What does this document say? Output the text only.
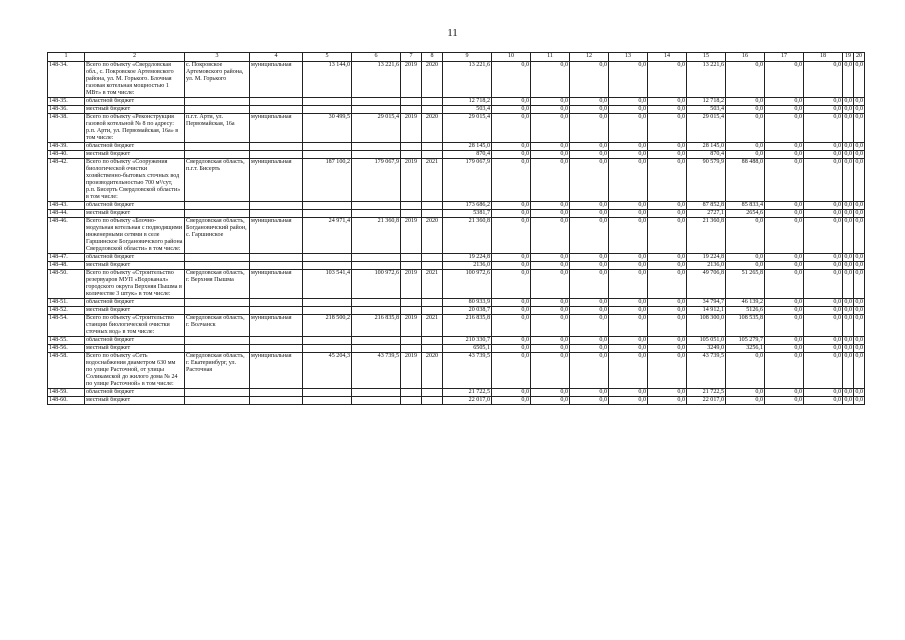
11
1	2	3	4	5	6	7	8	9	10	11	12	13	14	15	16	17	18	19	20
148-34.	Всего по объекту «Свердловская обл., с. Покровское Артемовского района, ул. М. Горького. Блочная газовая котельная мощностью 1 МВт» в том числе:	с. Покровское Артемовского района, ул. М. Горького	муниципальная	13 144,0	13 221,6	2019	2020	13 221,6	0,0	0,0	0,0	0,0	0,0	13 221,6	0,0	0,0	0,0	0,0	0,0
148-35.	областной бюджет							12 718,2	0,0	0,0	0,0	0,0	0,0	12 718,2	0,0	0,0	0,0	0,0	0,0
148-36.	местный бюджет							503,4	0,0	0,0	0,0	0,0	0,0	503,4	0,0	0,0	0,0	0,0	0,0
148-38.	Всего по объекту «Реконструкция газовой котельной № 8 по адресу: р.п. Арти, ул. Первомайская, 16а» в том числе:	п.г.т. Арти, ул. Первомайская, 16а	муниципальная	30 499,5	29 015,4	2019	2020	29 015,4	0,0	0,0	0,0	0,0	0,0	29 015,4	0,0	0,0	0,0	0,0	0,0
148-39.	областной бюджет							28 145,0	0,0	0,0	0,0	0,0	0,0	28 145,0	0,0	0,0	0,0	0,0	0,0
148-40.	местный бюджет							870,4	0,0	0,0	0,0	0,0	0,0	870,4	0,0	0,0	0,0	0,0	0,0
148-42.	Всего по объекту «Сооружения биологической очистки хозяйственно-бытовых сточных вод производительностью 700 м³/сут, р.п. Бисерть Свердловской области» в том числе:	Свердловская область, п.г.т. Бисерть	муниципальная	187 100,2	179 067,9	2019	2021	179 067,9	0,0	0,0	0,0	0,0	0,0	90 579,9	88 488,0	0,0	0,0	0,0	0,0
148-43.	областной бюджет							173 686,2	0,0	0,0	0,0	0,0	0,0	87 852,8	85 833,4	0,0	0,0	0,0	0,0
148-44.	местный бюджет							5381,7	0,0	0,0	0,0	0,0	0,0	2727,1	2654,6	0,0	0,0	0,0	0,0
148-46.	Всего по объекту «Блочно-модульная котельная с подводящими инженерными сетями в селе Гаршинское Богдановичского района Свердловской области» в том числе:	Свердловская область, Богдановичский район, с. Гаршинское	муниципальная	24 971,4	21 360,8	2019	2020	21 360,8	0,0	0,0	0,0	0,0	0,0	21 360,8	0,0	0,0	0,0	0,0	0,0
148-47.	областной бюджет							19 224,8	0,0	0,0	0,0	0,0	0,0	19 224,8	0,0	0,0	0,0	0,0	0,0
148-48.	местный бюджет							2136,0	0,0	0,0	0,0	0,0	0,0	2136,0	0,0	0,0	0,0	0,0	0,0
148-50.	Всего по объекту «Строительство резервуаров МУП «Водоканал» городского округа Верхняя Пышма в количестве 3 штук» в том числе:	Свердловская область, г. Верхняя Пышма	муниципальная	103 541,4	100 972,6	2019	2021	100 972,6	0,0	0,0	0,0	0,0	0,0	49 706,8	51 265,8	0,0	0,0	0,0	0,0
148-51.	областной бюджет							80 933,9	0,0	0,0	0,0	0,0	0,0	34 794,7	46 139,2	0,0	0,0	0,0	0,0
148-52.	местный бюджет							20 038,7	0,0	0,0	0,0	0,0	0,0	14 912,1	5126,6	0,0	0,0	0,0	0,0
148-54.	Всего по объекту «Строительство станции биологической очистки сточных вод» в том числе:	Свердловская область, г. Волчанск	муниципальная	218 500,2	216 835,8	2019	2021	216 835,8	0,0	0,0	0,0	0,0	0,0	108 300,0	108 535,8	0,0	0,0	0,0	0,0
148-55.	областной бюджет							210 330,7	0,0	0,0	0,0	0,0	0,0	105 051,0	105 279,7	0,0	0,0	0,0	0,0
148-56.	местный бюджет							6505,1	0,0	0,0	0,0	0,0	0,0	3249,0	3256,1	0,0	0,0	0,0	0,0
148-58.	Всего по объекту «Сеть водоснабжения диаметром 630 мм по улице Расточной, от улицы Соликамской до жилого дома № 24 по улице Расточной» в том числе:	Свердловская область, г. Екатеринбург, ул. Расточная	муниципальная	45 204,3	43 739,5	2019	2020	43 739,5	0,0	0,0	0,0	0,0	0,0	43 739,5	0,0	0,0	0,0	0,0	0,0
148-59.	областной бюджет							21 722,5	0,0	0,0	0,0	0,0	0,0	21 722,5	0,0	0,0	0,0	0,0	0,0
148-60.	местный бюджет							22 017,0	0,0	0,0	0,0	0,0	0,0	22 017,0	0,0	0,0	0,0	0,0	0,0
